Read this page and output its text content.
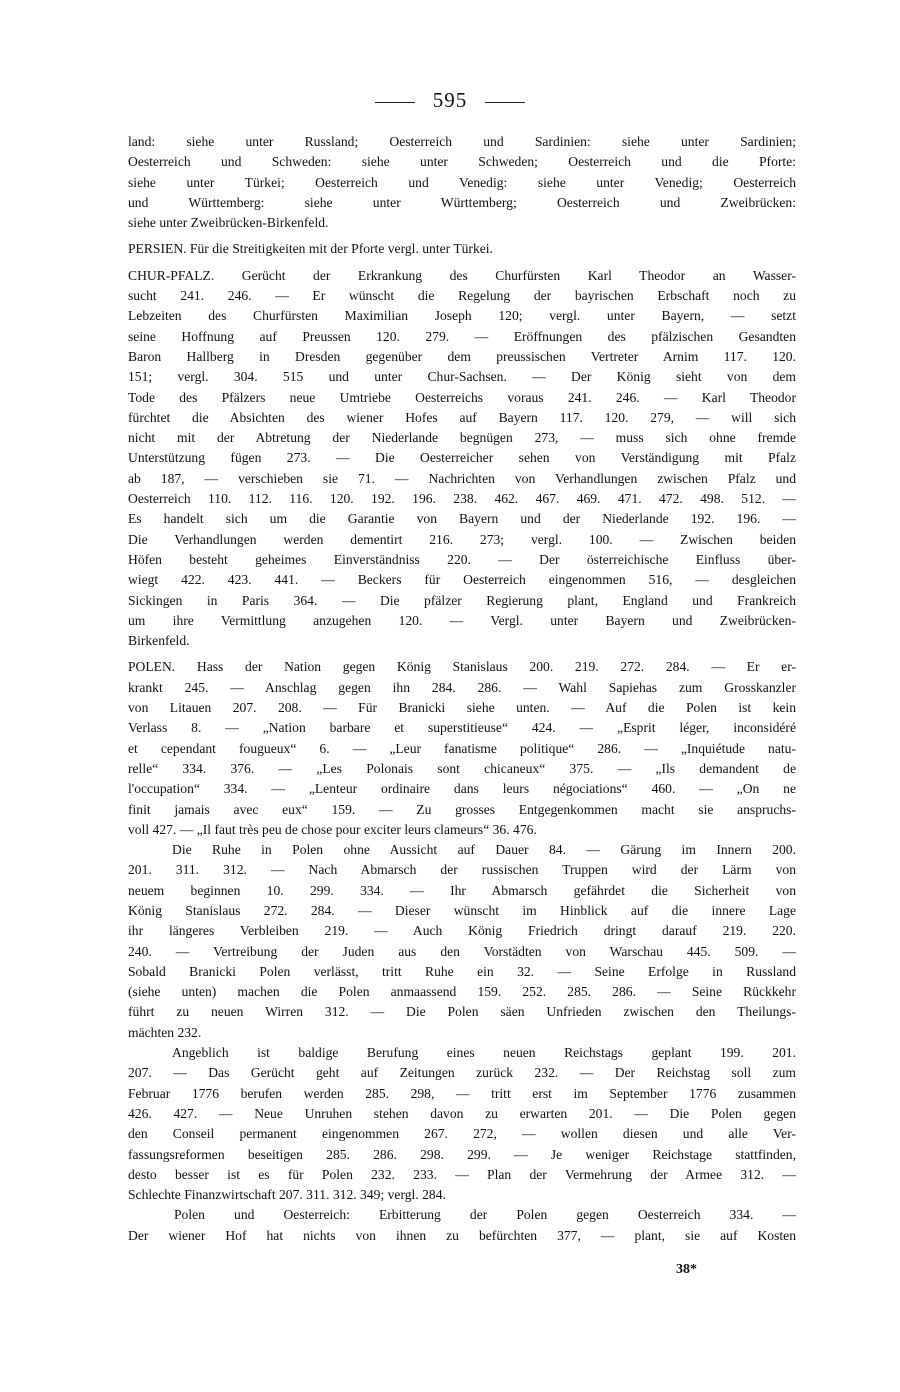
595
land: siehe unter Russland; Oesterreich und Sardinien: siehe unter Sardinien;
Oesterreich und Schweden: siehe unter Schweden; Oesterreich und die Pforte:
siehe unter Türkei; Oesterreich und Venedig: siehe unter Venedig; Oesterreich
und Württemberg: siehe unter Württemberg; Oesterreich und Zweibrücken:
siehe unter Zweibrücken-Birkenfeld.
PERSIEN. Für die Streitigkeiten mit der Pforte vergl. unter Türkei.
CHUR-PFALZ. Gerücht der Erkrankung des Churfürsten Karl Theodor an Wasser-
sucht 241. 246. — Er wünscht die Regelung der bayrischen Erbschaft noch zu
Lebzeiten des Churfürsten Maximilian Joseph 120; vergl. unter Bayern, — setzt
seine Hoffnung auf Preussen 120. 279. — Eröffnungen des pfälzischen Gesandten
Baron Hallberg in Dresden gegenüber dem preussischen Vertreter Arnim 117. 120.
151; vergl. 304. 515 und unter Chur-Sachsen. — Der König sieht von dem
Tode des Pfälzers neue Umtriebe Oesterreichs voraus 241. 246. — Karl Theodor
fürchtet die Absichten des wiener Hofes auf Bayern 117. 120. 279, — will sich
nicht mit der Abtretung der Niederlande begnügen 273, — muss sich ohne fremde
Unterstützung fügen 273. — Die Oesterreicher sehen von Verständigung mit Pfalz
ab 187, — verschieben sie 71. — Nachrichten von Verhandlungen zwischen Pfalz und
Oesterreich 110. 112. 116. 120. 192. 196. 238. 462. 467. 469. 471. 472. 498. 512. —
Es handelt sich um die Garantie von Bayern und der Niederlande 192. 196. —
Die Verhandlungen werden dementirt 216. 273; vergl. 100. — Zwischen beiden
Höfen besteht geheimes Einverständniss 220. — Der österreichische Einfluss über-
wiegt 422. 423. 441. — Beckers für Oesterreich eingenommen 516, — desgleichen
Sickingen in Paris 364. — Die pfälzer Regierung plant, England und Frankreich
um ihre Vermittlung anzugehen 120. — Vergl. unter Bayern und Zweibrücken-
Birkenfeld.
POLEN. Hass der Nation gegen König Stanislaus 200. 219. 272. 284. — Er er-
krankt 245. — Anschlag gegen ihn 284. 286. — Wahl Sapiehas zum Grosskanzler
von Litauen 207. 208. — Für Branicki siehe unten. — Auf die Polen ist kein
Verlass 8. — „Nation barbare et superstitieuse“ 424. — „Esprit léger, inconsidéré
et cependant fougueux“ 6. — „Leur fanatisme politique“ 286. — „Inquiétude natu-
relle“ 334. 376. — „Les Polonais sont chicaneux“ 375. — „Ils demandent de
l'occupation“ 334. — „Lenteur ordinaire dans leurs négociations“ 460. — „On ne
finit jamais avec eux“ 159. — Zu grosses Entgegenkommen macht sie anspruchs-
voll 427. — „Il faut très peu de chose pour exciter leurs clameurs“ 36. 476.
Die Ruhe in Polen ohne Aussicht auf Dauer 84. — Gärung im Innern 200.
201. 311. 312. — Nach Abmarsch der russischen Truppen wird der Lärm von
neuem beginnen 10. 299. 334. — Ihr Abmarsch gefährdet die Sicherheit von
König Stanislaus 272. 284. — Dieser wünscht im Hinblick auf die innere Lage
ihr längeres Verbleiben 219. — Auch König Friedrich dringt darauf 219. 220.
240. — Vertreibung der Juden aus den Vorstädten von Warschau 445. 509. —
Sobald Branicki Polen verlässt, tritt Ruhe ein 32. — Seine Erfolge in Russland
(siehe unten) machen die Polen anmaassend 159. 252. 285. 286. — Seine Rückkehr
führt zu neuen Wirren 312. — Die Polen säen Unfrieden zwischen den Theilungs-
mächten 232.
Angeblich ist baldige Berufung eines neuen Reichstags geplant 199. 201.
207. — Das Gerücht geht auf Zeitungen zurück 232. — Der Reichstag soll zum
Februar 1776 berufen werden 285. 298, — tritt erst im September 1776 zusammen
426. 427. — Neue Unruhen stehen davon zu erwarten 201. — Die Polen gegen
den Conseil permanent eingenommen 267. 272, — wollen diesen und alle Ver-
fassungsreformen beseitigen 285. 286. 298. 299. — Je weniger Reichstage stattfinden,
desto besser ist es für Polen 232. 233. — Plan der Vermehrung der Armee 312. —
Schlechte Finanzwirtschaft 207. 311. 312. 349; vergl. 284.
Polen und Oesterreich: Erbitterung der Polen gegen Oesterreich 334. —
Der wiener Hof hat nichts von ihnen zu befürchten 377, — plant, sie auf Kosten
38*
